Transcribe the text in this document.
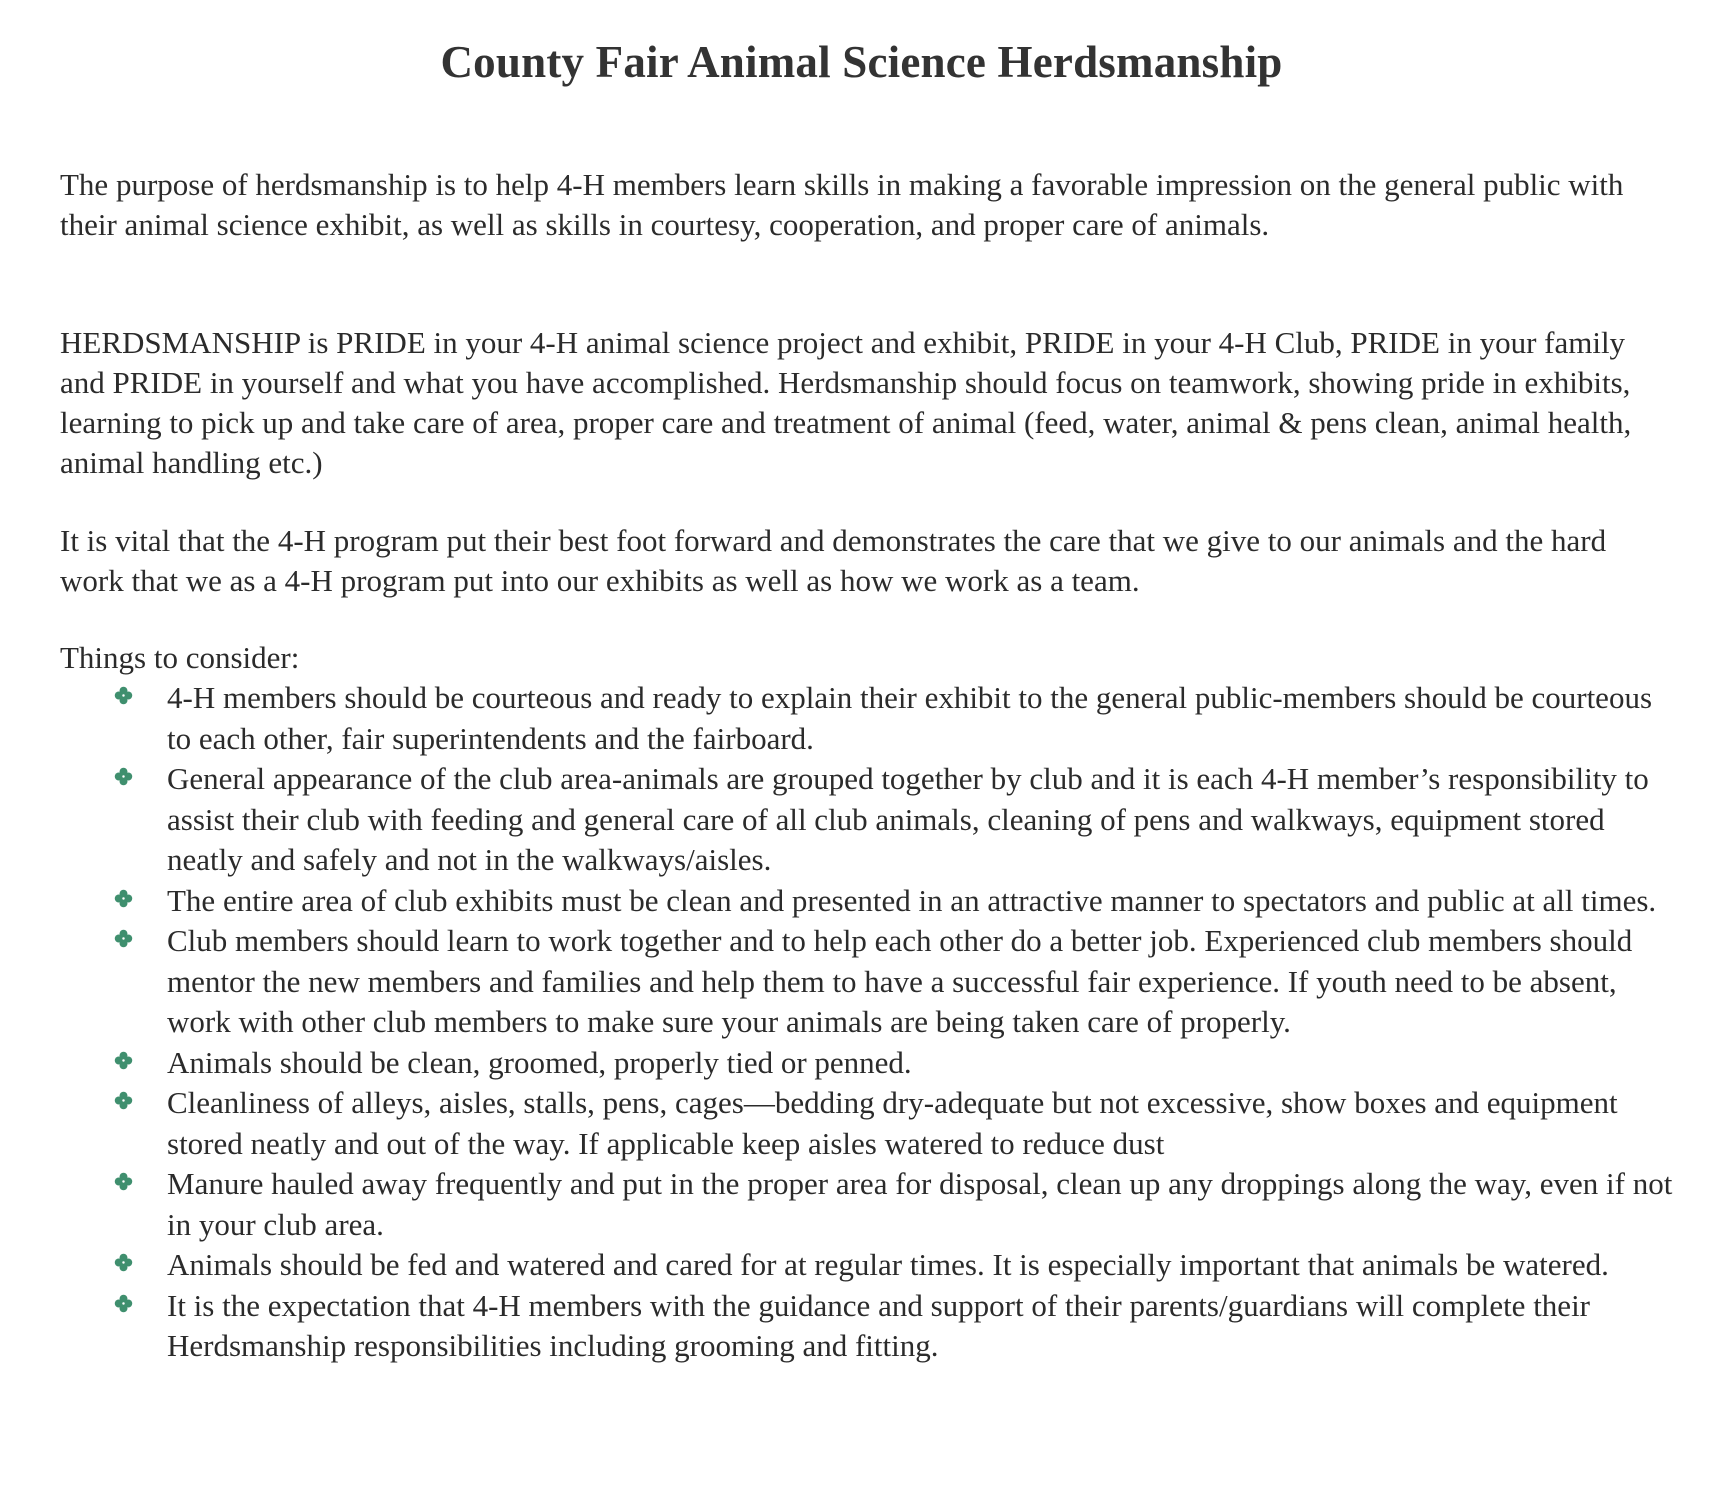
County Fair Animal Science Herdsmanship

The purpose of herdsmanship is to help 4-H members learn skills in making a favorable impression on the general public with their animal science exhibit, as well as skills in courtesy, cooperation, and proper care of animals.

HERDSMANSHIP is PRIDE in your 4-H animal science project and exhibit, PRIDE in your 4-H Club, PRIDE in your family and PRIDE in yourself and what you have accomplished. Herdsmanship should focus on teamwork, showing pride in exhibits, learning to pick up and take care of area, proper care and treatment of animal (feed, water, animal & pens clean, animal health, animal handling etc.)

It is vital that the 4-H program put their best foot forward and demonstrates the care that we give to our animals and the hard work that we as a 4-H program put into our exhibits as well as how we work as a team.

Things to consider:
4-H members should be courteous and ready to explain their exhibit to the general public-members should be courteous to each other, fair superintendents and the fairboard.
General appearance of the club area-animals are grouped together by club and it is each 4-H member’s responsibility to assist their club with feeding and general care of all club animals, cleaning of pens and walkways, equipment stored neatly and safely and not in the walkways/aisles.
The entire area of club exhibits must be clean and presented in an attractive manner to spectators and public at all times.
Club members should learn to work together and to help each other do a better job. Experienced club members should mentor the new members and families and help them to have a successful fair experience. If youth need to be absent, work with other club members to make sure your animals are being taken care of properly.
Animals should be clean, groomed, properly tied or penned.
Cleanliness of alleys, aisles, stalls, pens, cages—bedding dry-adequate but not excessive, show boxes and equipment stored neatly and out of the way. If applicable keep aisles watered to reduce dust
Manure hauled away frequently and put in the proper area for disposal, clean up any droppings along the way, even if not in your club area.
Animals should be fed and watered and cared for at regular times. It is especially important that animals be watered.
It is the expectation that 4-H members with the guidance and support of their parents/guardians will complete their Herdsmanship responsibilities including grooming and fitting.
